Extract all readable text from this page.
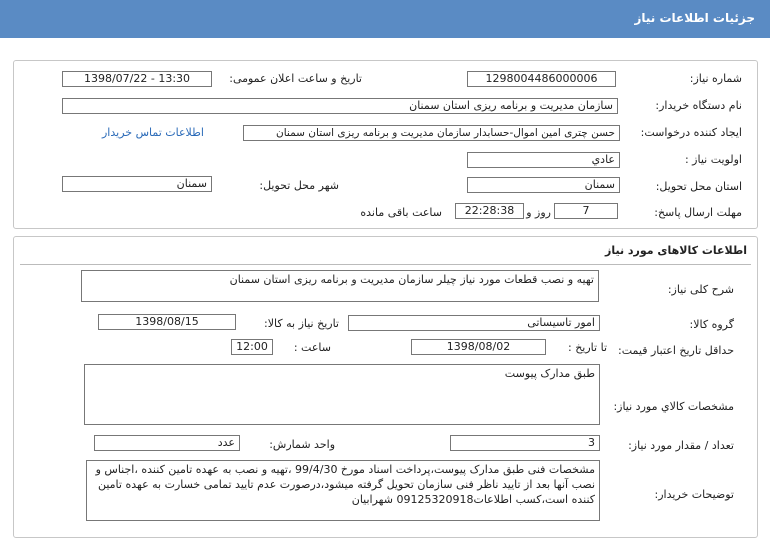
جزئیات اطلاعات نیاز
شماره نیاز:
1298004486000006
تاریخ و ساعت اعلان عمومی:
1398/07/22 - 13:30
نام دستگاه خریدار:
سازمان مدیریت و برنامه ریزی استان سمنان
ایجاد کننده درخواست:
حسن چتری امین اموال-حسابدار سازمان مدیریت و برنامه ریزی استان سمنان
اطلاعات تماس خریدار
اولویت نیاز :
عادي
استان محل تحویل:
سمنان
شهر محل تحویل:
سمنان
مهلت ارسال پاسخ:
7
روز و
22:28:38
ساعت باقی مانده
اطلاعات کالاهای مورد نیاز
شرح کلی نیاز:
تهیه و نصب قطعات مورد نیاز چیلر سازمان مدیریت و برنامه ریزی استان سمنان
گروه کالا:
امور تاسیساتی
تاریخ نیاز به کالا:
1398/08/15
حداقل تاریخ اعتبار قیمت:
تا تاریخ :
1398/08/02
ساعت :
12:00
مشخصات کالاي مورد نیاز:
طبق مدارک پیوست
تعداد / مقدار مورد نیاز:
3
واحد شمارش:
عدد
توضیحات خریدار:
مشخصات فنی طبق مدارک پیوست،پرداخت اسناد مورخ 99/4/30 ،تهیه و نصب به عهده تامین کننده ،اجناس و نصب آنها بعد از تایید ناظر فنی سازمان تحویل گرفته میشود،درصورت عدم تایید تمامی خسارت به عهده تامین کننده است،کسب اطلاعات09125320918 شهرابیان
